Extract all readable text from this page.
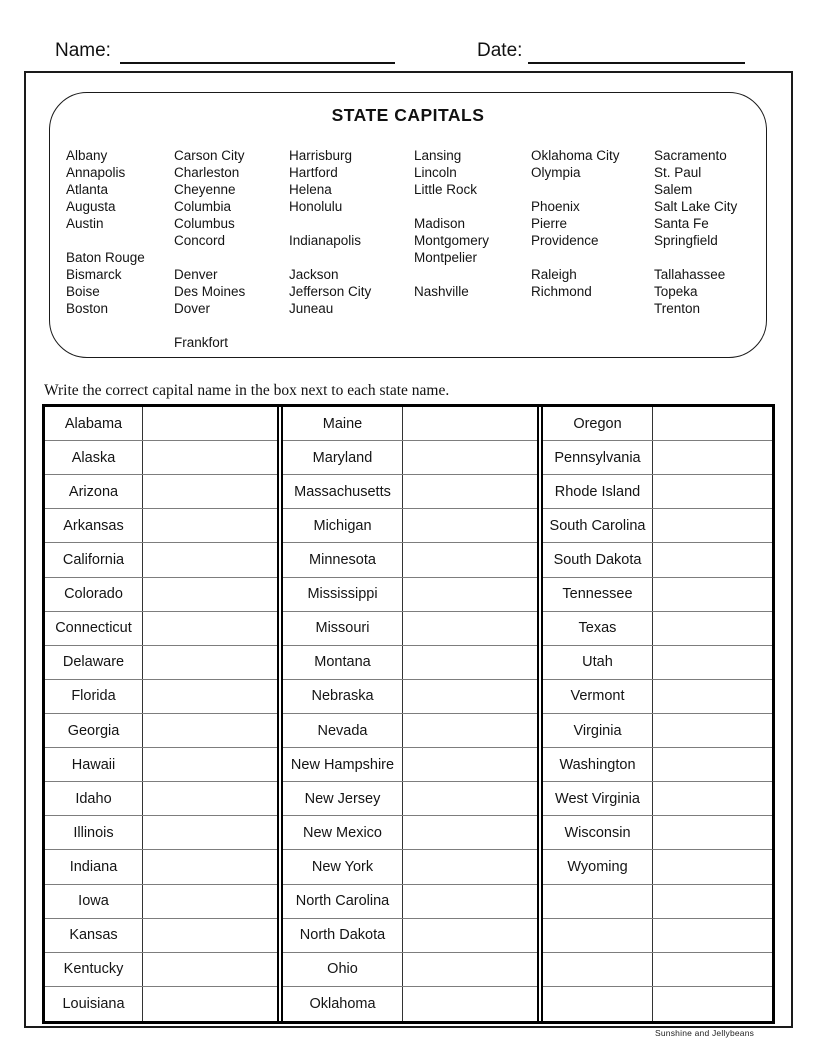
Name:	Date:
STATE CAPITALS
Albany
Annapolis
Atlanta
Augusta
Austin
Baton Rouge
Bismarck
Boise
Boston
Carson City
Charleston
Cheyenne
Columbia
Columbus
Concord
Denver
Des Moines
Dover
Frankfort
Harrisburg
Hartford
Helena
Honolulu
Indianapolis
Jackson
Jefferson City
Juneau
Lansing
Lincoln
Little Rock
Madison
Montgomery
Montpelier
Nashville
Oklahoma City
Olympia
Phoenix
Pierre
Providence
Raleigh
Richmond
Sacramento
St. Paul
Salem
Salt Lake City
Santa Fe
Springfield
Tallahassee
Topeka
Trenton
Write the correct capital name in the box next to each state name.
Alabama
Alaska
Arizona
Arkansas
California
Colorado
Connecticut
Delaware
Florida
Georgia
Hawaii
Idaho
Illinois
Indiana
Iowa
Kansas
Kentucky
Louisiana
Maine
Maryland
Massachusetts
Michigan
Minnesota
Mississippi
Missouri
Montana
Nebraska
Nevada
New Hampshire
New Jersey
New Mexico
New York
North Carolina
North Dakota
Ohio
Oklahoma
Oregon
Pennsylvania
Rhode Island
South Carolina
South Dakota
Tennessee
Texas
Utah
Vermont
Virginia
Washington
West Virginia
Wisconsin
Wyoming
Sunshine and Jellybeans
